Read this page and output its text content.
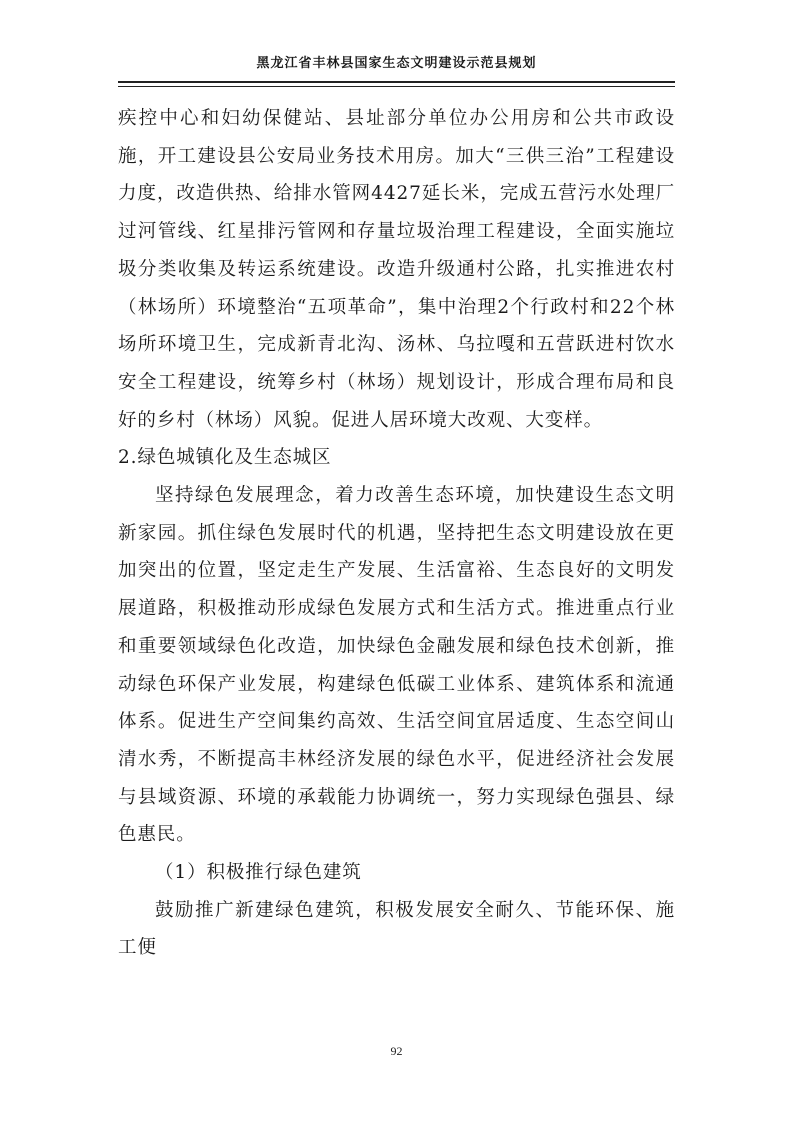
黑龙江省丰林县国家生态文明建设示范县规划

疾控中心和妇幼保健站、县址部分单位办公用房和公共市政设施，开工建设县公安局业务技术用房。加大“三供三治”工程建设力度，改造供热、给排水管网4427延长米，完成五营污水处理厂过河管线、红星排污管网和存量垃圾治理工程建设，全面实施垃圾分类收集及转运系统建设。改造升级通村公路，扎实推进农村（林场所）环境整治“五项革命”，集中治理2个行政村和22个林场所环境卫生，完成新青北沟、汤林、乌拉嘎和五营跃进村饮水安全工程建设，统筹乡村（林场）规划设计，形成合理布局和良好的乡村（林场）风貌。促进人居环境大改观、大变样。

2.绿色城镇化及生态城区

坚持绿色发展理念，着力改善生态环境，加快建设生态文明新家园。抓住绿色发展时代的机遇，坚持把生态文明建设放在更加突出的位置，坚定走生产发展、生活富裕、生态良好的文明发展道路，积极推动形成绿色发展方式和生活方式。推进重点行业和重要领域绿色化改造，加快绿色金融发展和绿色技术创新，推动绿色环保产业发展，构建绿色低碳工业体系、建筑体系和流通体系。促进生产空间集约高效、生活空间宜居适度、生态空间山清水秀，不断提高丰林经济发展的绿色水平，促进经济社会发展与县域资源、环境的承载能力协调统一，努力实现绿色强县、绿色惠民。

（1）积极推行绿色建筑

鼓励推广新建绿色建筑，积极发展安全耐久、节能环保、施工便

92
